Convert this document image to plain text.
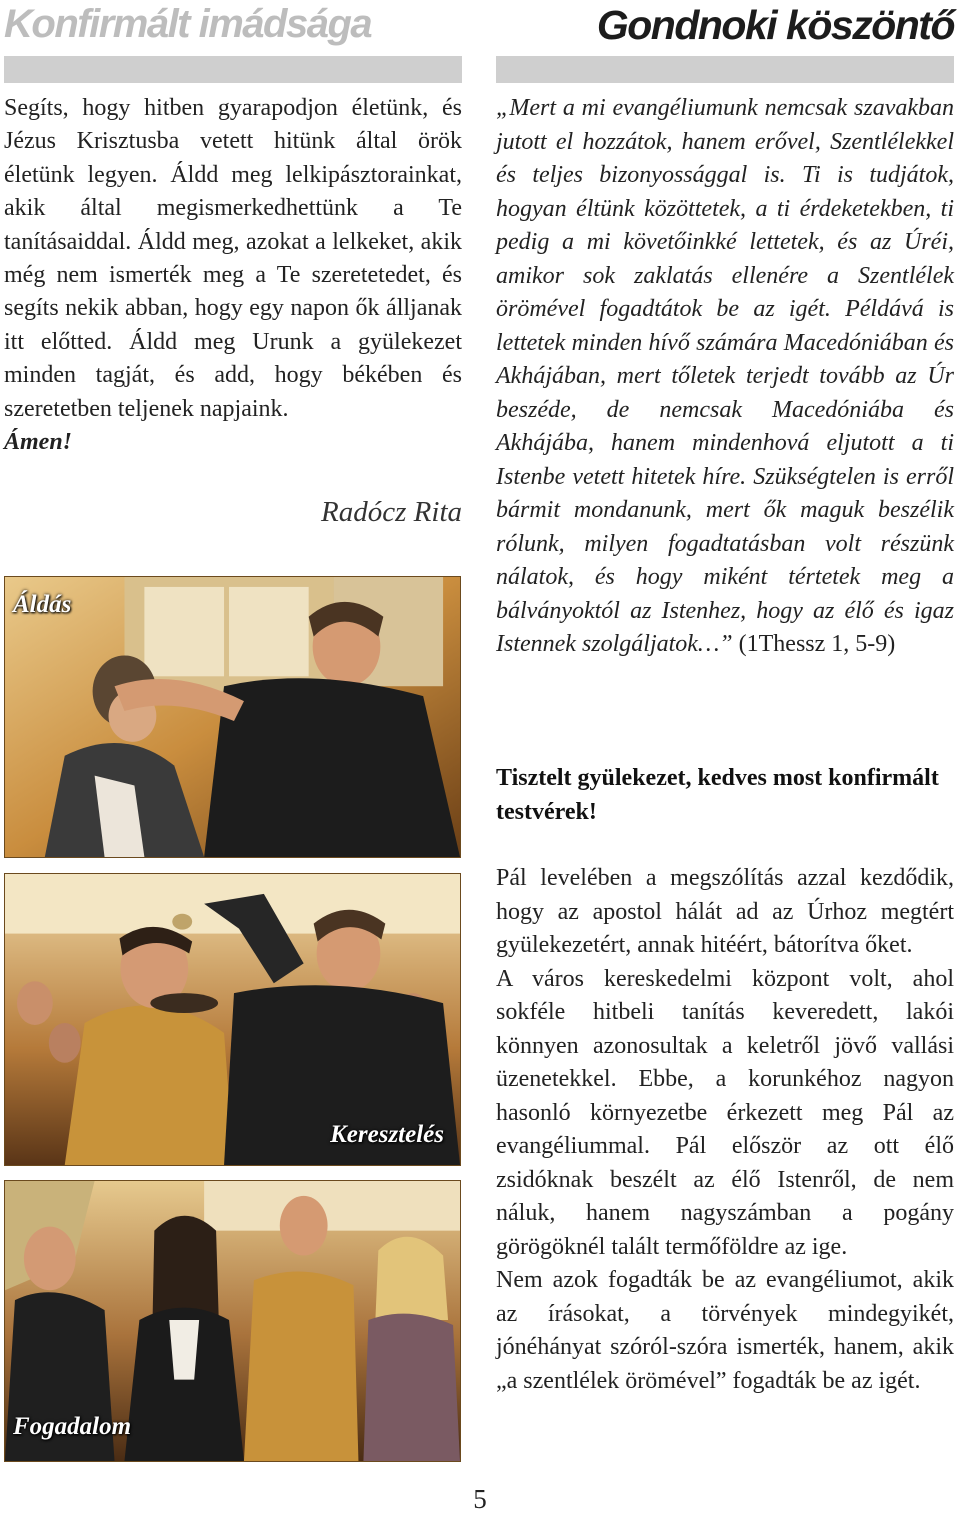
Konfirmált imádsága	Gondnoki köszöntő
Segíts, hogy hitben gyarapodjon életünk, és Jézus Krisztusba vetett hitünk által örök életünk legyen. Áldd meg lelkipásztorainkat, akik által megismerkedhettünk a Te tanításaiddal. Áldd meg, azokat a lelkeket, akik még nem ismerték meg a Te szeretetedet, és segíts nekik abban, hogy egy napon ők álljanak itt előtted. Áldd meg Urunk a gyülekezet minden tagját, és add, hogy békében és szeretetben teljenek napjaink.
Ámen!
Radócz Rita
Áldás
Keresztelés
Fogadalom
„Mert a mi evangéliumunk nemcsak szavakban jutott el hozzátok, hanem erővel, Szentlélekkel és teljes bizonyossággal is. Ti is tudjátok, hogyan éltünk közöttetek, a ti érdeketekben, ti pedig a mi követőinkké lettetek, és az Úréi, amikor sok zaklatás ellenére a Szentlélek örömével fogadtátok be az igét. Példává is lettetek minden hívő számára Macedóniában és Akhájában, mert tőletek terjedt tovább az Úr beszéde, de nemcsak Macedóniába és Akhájába, hanem mindenhová eljutott a ti Istenbe vetett hitetek híre. Szükségtelen is erről bármit mondanunk, mert ők maguk beszélik rólunk, milyen fogadtatásban volt részünk nálatok, és hogy miként tértetek meg a bálványoktól az Istenhez, hogy az élő és igaz Istennek szolgáljatok…” (1Thessz 1, 5-9)
Tisztelt gyülekezet, kedves most konfirmált testvérek!

Pál levelében a megszólítás azzal kezdődik, hogy az apostol hálát ad az Úrhoz megtért gyülekezetért, annak hitéért, bátorítva őket.

A város kereskedelmi központ volt, ahol sokféle hitbeli tanítás keveredett, lakói könnyen azonosultak a keletről jövő vallási üzenetekkel. Ebbe, a korunkéhoz nagyon hasonló környezetbe érkezett meg Pál az evangéliummal. Pál először az ott élő zsidóknak beszélt az élő Istenről, de nem náluk, hanem nagyszámban a pogány görögöknél talált termőföldre az ige.

Nem azok fogadták be az evangéliumot, akik az írásokat, a törvények mindegyikét, jónéhányat szóról-szóra ismerték, hanem, akik „a szentlélek örömével” fogadták be az igét.

5
